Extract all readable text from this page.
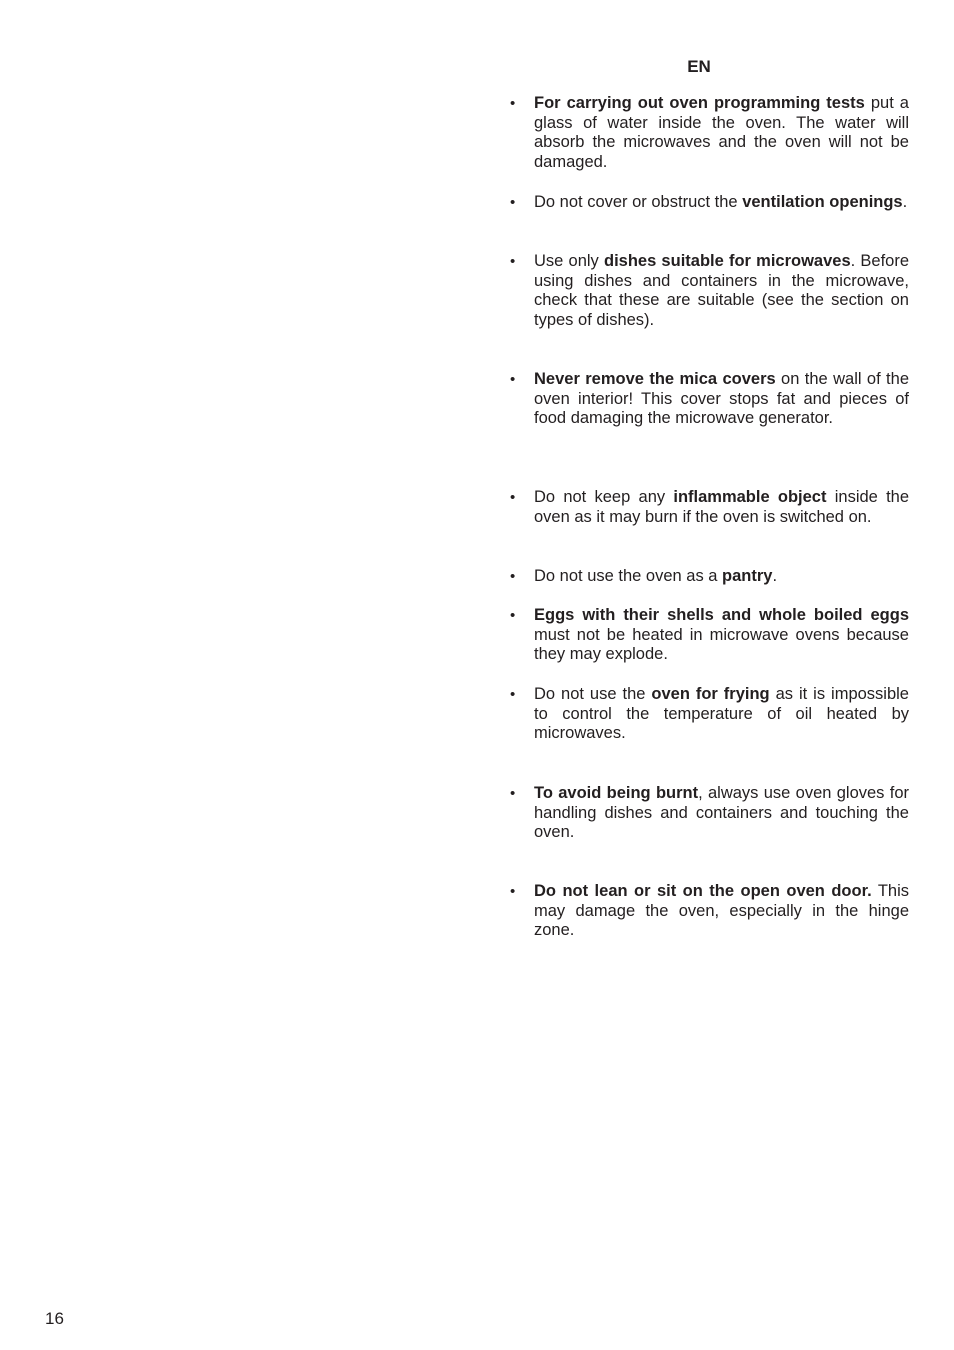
EN
• For carrying out oven programming tests put a glass of water inside the oven. The water will absorb the microwaves and the oven will not be damaged.
• Do not cover or obstruct the ventilation openings.
• Use only dishes suitable for microwaves. Before using dishes and containers in the microwave, check that these are suitable (see the section on types of dishes).
• Never remove the mica covers on the wall of the oven interior! This cover stops fat and pieces of food damaging the microwave generator.
• Do not keep any inflammable object inside the oven as it may burn if the oven is switched on.
• Do not use the oven as a pantry.
• Eggs with their shells and whole boiled eggs must not be heated in microwave ovens because they may explode.
• Do not use the oven for frying as it is impossible to control the temperature of oil heated by microwaves.
• To avoid being burnt, always use oven gloves for handling dishes and containers and touching the oven.
• Do not lean or sit on the open oven door. This may damage the oven, especially in the hinge zone.
16
